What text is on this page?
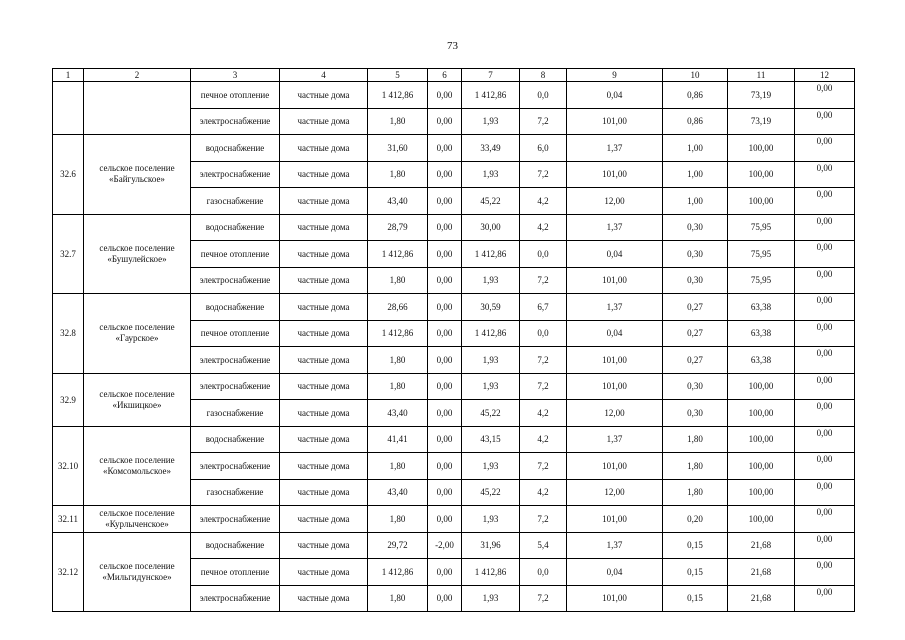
73
1	2	3	4	5	6	7	8	9	10	11	12
		печное отопление	частные дома	1 412,86	0,00	1 412,86	0,0	0,04	0,86	73,19	0,00
		электроснабжение	частные дома	1,80	0,00	1,93	7,2	101,00	0,86	73,19	0,00
32.6	сельское поселение «Байгульское»	водоснабжение	частные дома	31,60	0,00	33,49	6,0	1,37	1,00	100,00	0,00
		электроснабжение	частные дома	1,80	0,00	1,93	7,2	101,00	1,00	100,00	0,00
		газоснабжение	частные дома	43,40	0,00	45,22	4,2	12,00	1,00	100,00	0,00
32.7	сельское поселение «Бушулейское»	водоснабжение	частные дома	28,79	0,00	30,00	4,2	1,37	0,30	75,95	0,00
		печное отопление	частные дома	1 412,86	0,00	1 412,86	0,0	0,04	0,30	75,95	0,00
		электроснабжение	частные дома	1,80	0,00	1,93	7,2	101,00	0,30	75,95	0,00
32.8	сельское поселение «Гаурское»	водоснабжение	частные дома	28,66	0,00	30,59	6,7	1,37	0,27	63,38	0,00
		печное отопление	частные дома	1 412,86	0,00	1 412,86	0,0	0,04	0,27	63,38	0,00
		электроснабжение	частные дома	1,80	0,00	1,93	7,2	101,00	0,27	63,38	0,00
32.9	сельское поселение «Икшицкое»	электроснабжение	частные дома	1,80	0,00	1,93	7,2	101,00	0,30	100,00	0,00
		газоснабжение	частные дома	43,40	0,00	45,22	4,2	12,00	0,30	100,00	0,00
32.10	сельское поселение «Комсомольское»	водоснабжение	частные дома	41,41	0,00	43,15	4,2	1,37	1,80	100,00	0,00
		электроснабжение	частные дома	1,80	0,00	1,93	7,2	101,00	1,80	100,00	0,00
		газоснабжение	частные дома	43,40	0,00	45,22	4,2	12,00	1,80	100,00	0,00
32.11	сельское поселение «Курлыченское»	электроснабжение	частные дома	1,80	0,00	1,93	7,2	101,00	0,20	100,00	0,00
32.12	сельское поселение «Мильгидунское»	водоснабжение	частные дома	29,72	-2,00	31,96	5,4	1,37	0,15	21,68	0,00
		печное отопление	частные дома	1 412,86	0,00	1 412,86	0,0	0,04	0,15	21,68	0,00
		электроснабжение	частные дома	1,80	0,00	1,93	7,2	101,00	0,15	21,68	0,00
